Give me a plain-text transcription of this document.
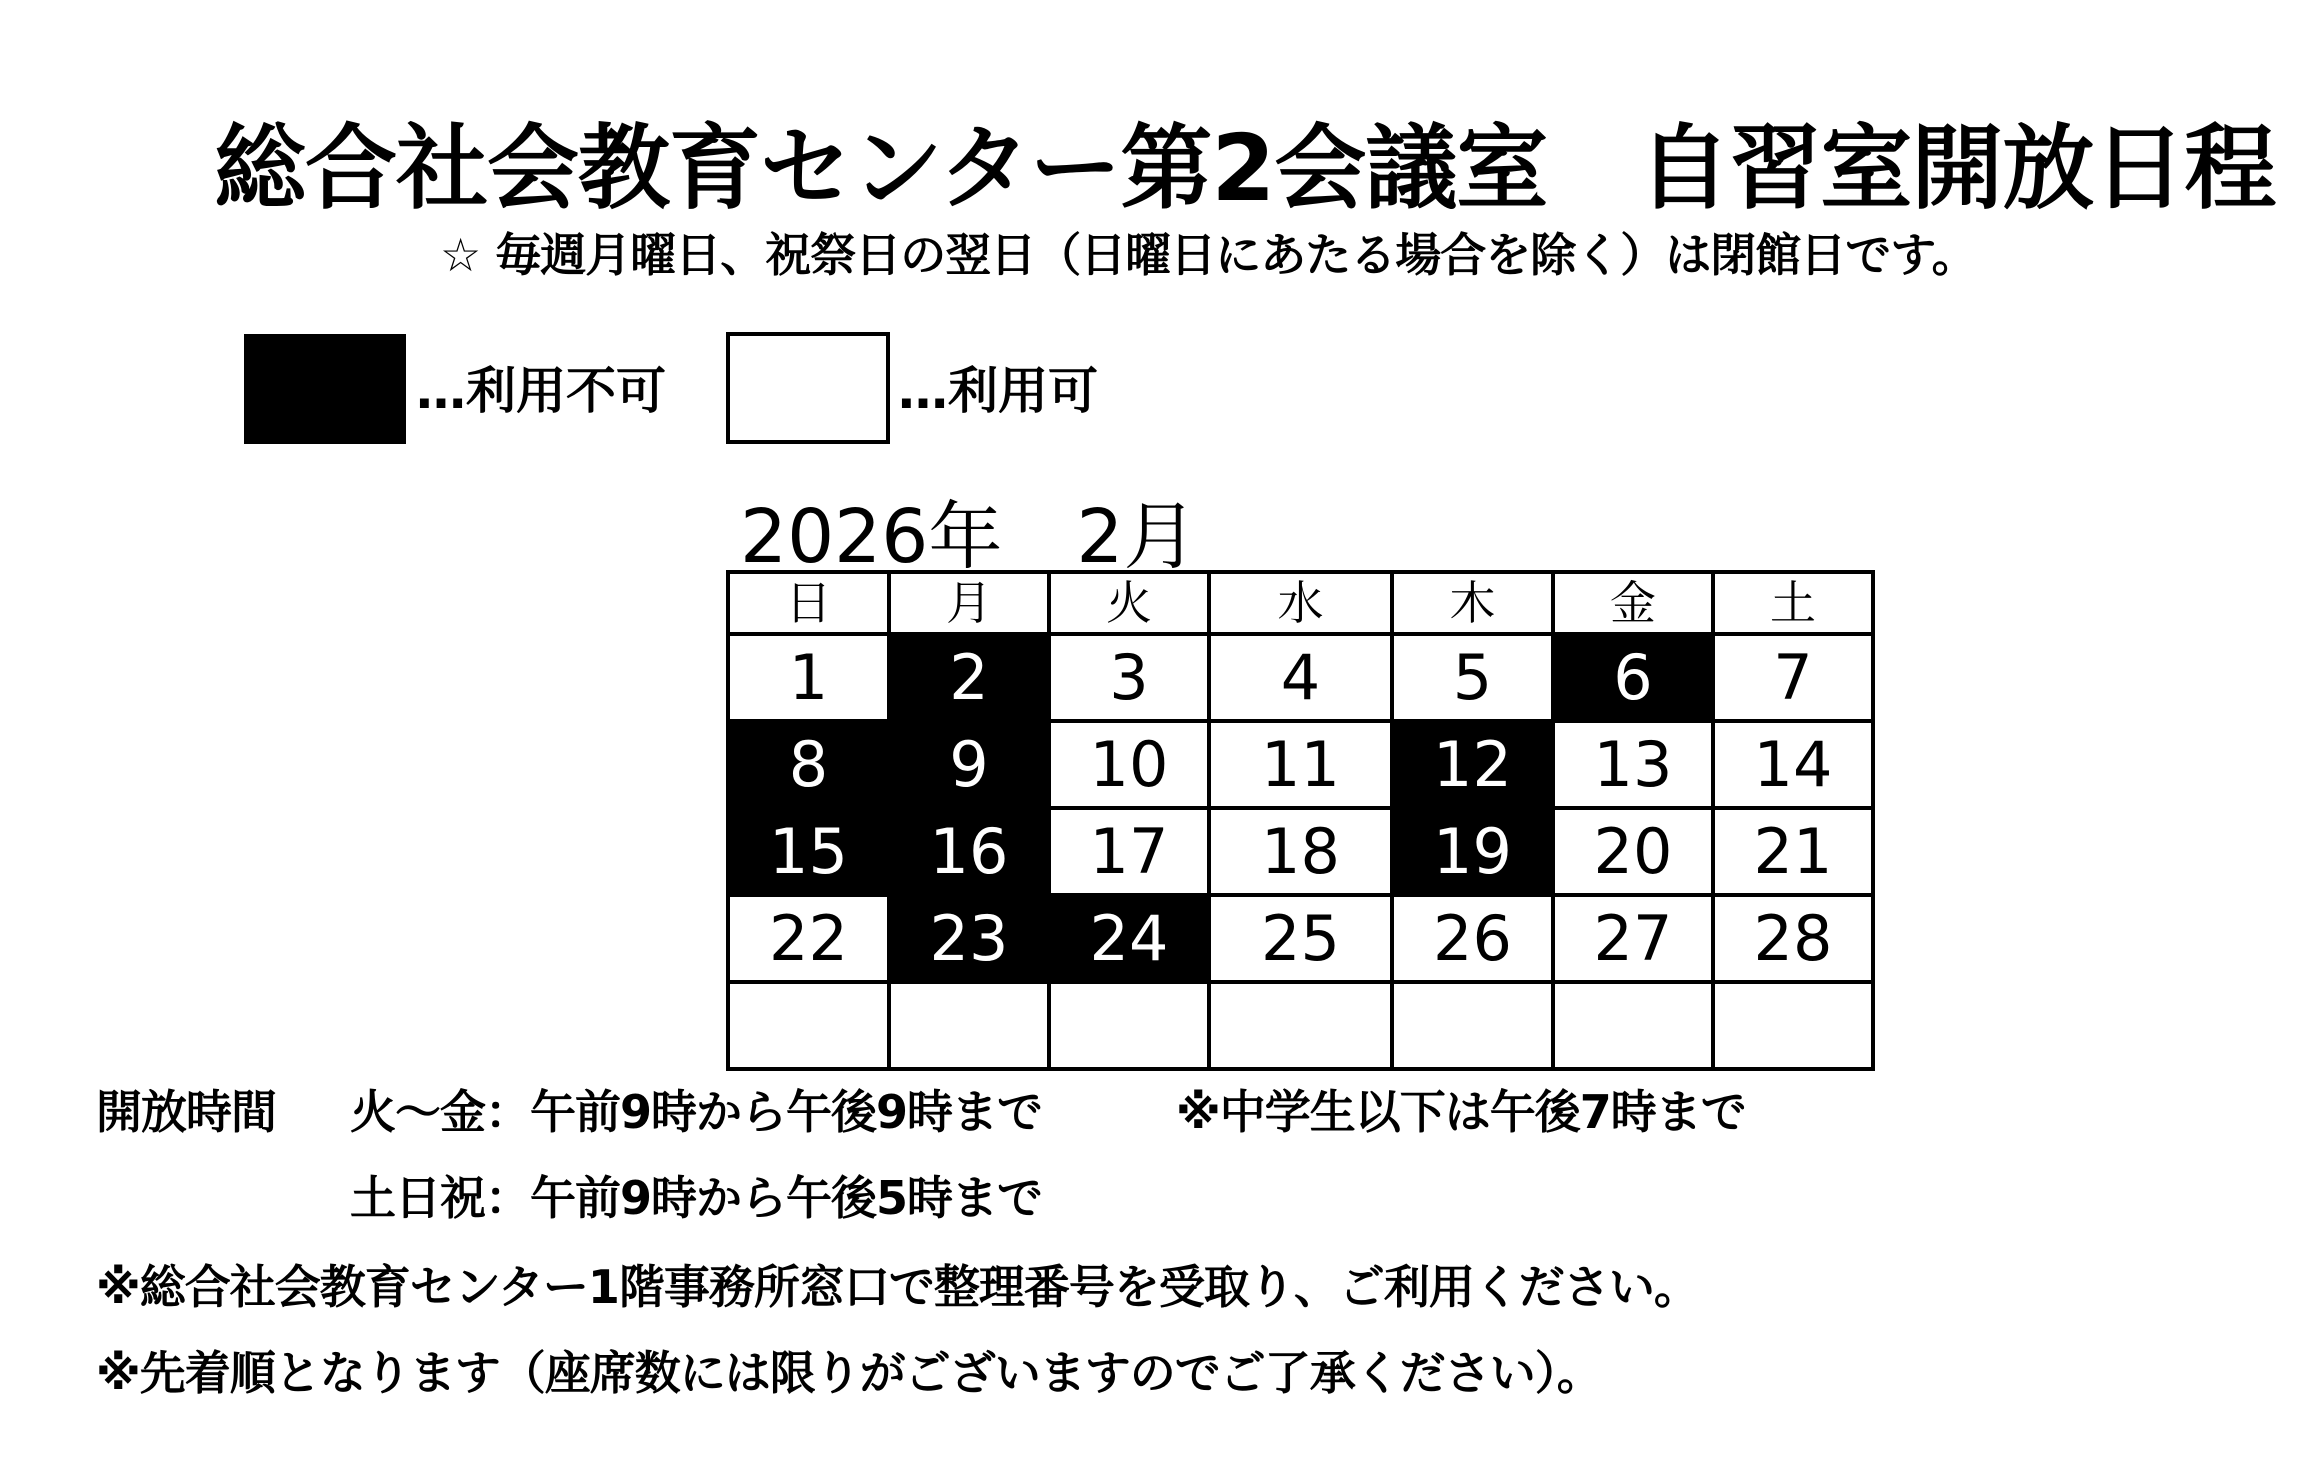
総合社会教育センター第2会議室　自習室開放日程
☆ 毎週月曜日、祝祭日の翌日（日曜日にあたる場合を除く）は閉館日です。
…利用不可	…利用可
2026年　2月
日	月	火	水	木	金	土
1	2	3	4	5	6	7
8	9	10	11	12	13	14
15	16	17	18	19	20	21
22	23	24	25	26	27	28

開放時間 火～金：午前9時から午後9時まで	※中学生以下は午後7時まで
土日祝：午前9時から午後5時まで
※総合社会教育センター1階事務所窓口で整理番号を受取り、ご利用ください。
※先着順となります（座席数には限りがございますのでご了承ください）。
